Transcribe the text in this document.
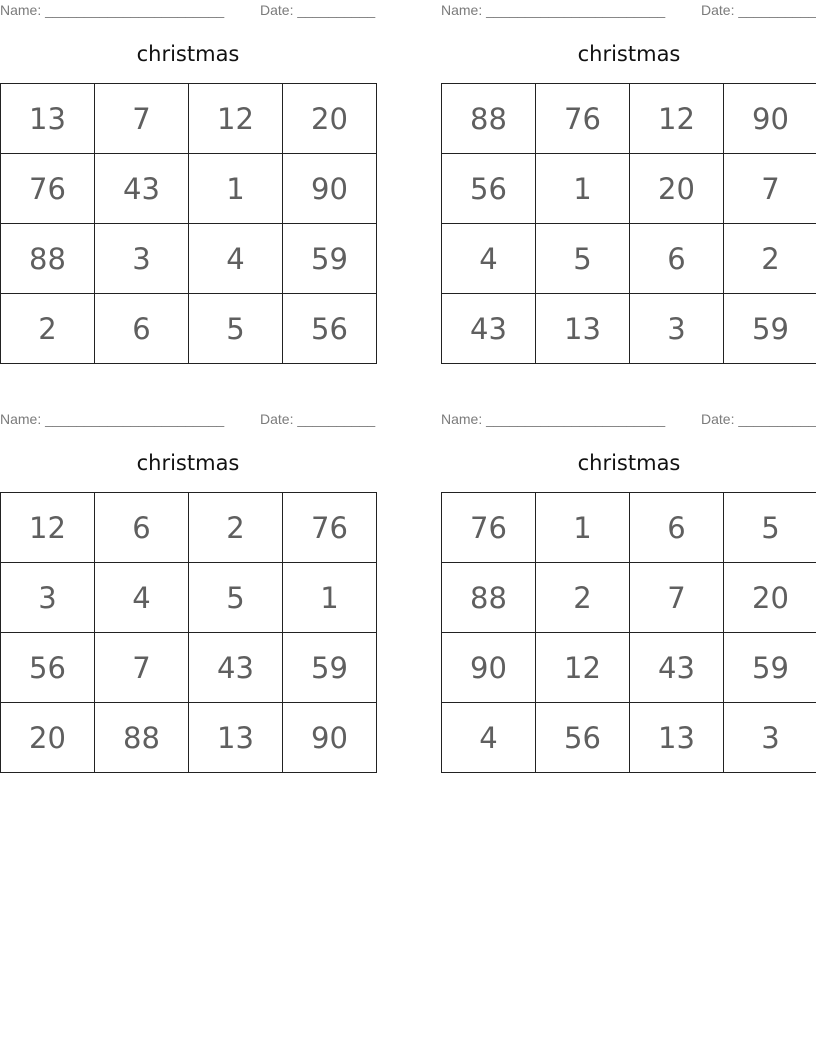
Name: _______________________	Date: __________
christmas
13	7	12	20
76	43	1	90
88	3	4	59
2	6	5	56
Name: _______________________	Date: __________
christmas
88	76	12	90
56	1	20	7
4	5	6	2
43	13	3	59
Name: _______________________	Date: __________
christmas
12	6	2	76
3	4	5	1
56	7	43	59
20	88	13	90
Name: _______________________	Date: __________
christmas
76	1	6	5
88	2	7	20
90	12	43	59
4	56	13	3
